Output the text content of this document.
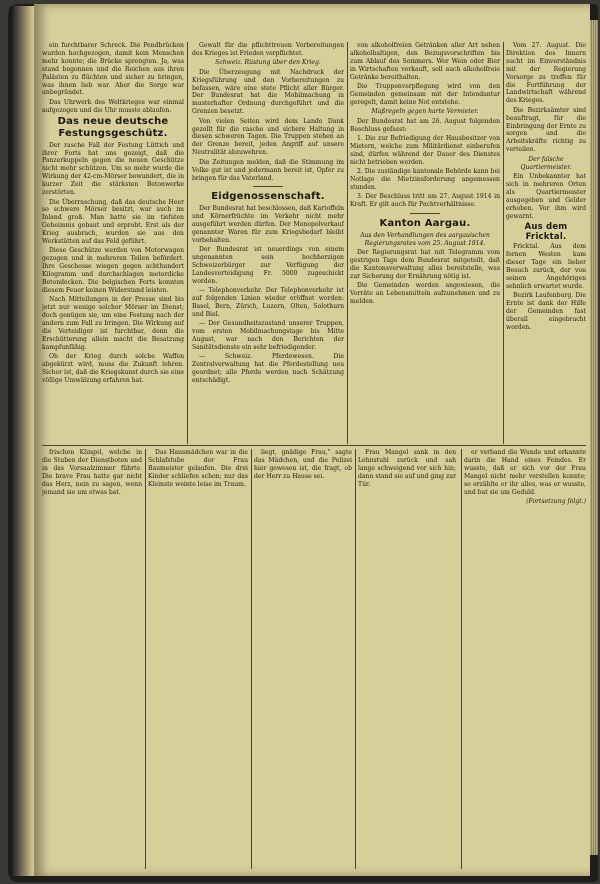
ein furchtbarer Schreck. Die Pendbrücken wurden hochgezogen, damit kein Menschen mehr konnte; die Brücke sprengten. Ja, was stand begonnen und die Reichen aus ihren Palästen zu flüchten und sicher zu bringen, was ihnen lieb war. Aber die Sorge war unbegründet.

Das Uhrwerk des Weltkrieges war einmal aufgezogen und die Uhr musste ablaufen.

Das neue deutsche Festungsgeschütz.

Der rasche Fall der Festung Lüttich und ihrer Forts hat uns gezeigt, daß die Panzerkuppeln gegen die neuen Geschütze nicht mehr schützen. Um so mehr wurde die Wirkung der 42-cm-Mörser bewundert, die in kurzer Zeit die stärksten Betonwerke zerstörten.

Die Überraschung, daß das deutsche Heer so schwere Mörser besitzt, war auch im Inland groß. Man hatte sie im tiefsten Geheimnis gebaut und erprobt. Erst als der Krieg ausbrach, wurden sie aus den Werkstätten auf das Feld geführt.

Diese Geschütze werden von Motorwagen gezogen und in mehreren Teilen befördert. Ihre Geschosse wiegen gegen achthundert Kilogramm und durchschlagen meterdicke Betondecken. Die belgischen Forts konnten diesem Feuer keinen Widerstand leisten.

Nach Mitteilungen in der Presse sind bis jetzt nur wenige solcher Mörser im Dienst; doch genügen sie, um eine Festung nach der andern zum Fall zu bringen. Die Wirkung auf die Verteidiger ist furchtbar, denn die Erschütterung allein macht die Besatzung kampfunfähig.

Ob der Krieg durch solche Waffen abgekürzt wird, muss die Zukunft lehren. Sicher ist, daß die Kriegskunst durch sie eine völlige Umwälzung erfahren hat.

Gewalt für die pflichttreuen Vorbereitungen des Krieges ist Frieden verpflichtet.

Schweiz. Rüstung über den Krieg.

Die Überzeugung mit Nachdruck der Kriegsführung und den Vorbereitungen zu befassen, wäre eine stete Pflicht aller Bürger. Der Bundesrat hat die Mobilmachung in musterhafter Ordnung durchgeführt und die Grenzen besetzt.

Von vielen Seiten wird dem Lande Dank gezollt für die rasche und sichere Haltung in diesen schweren Tagen. Die Truppen stehen an der Grenze bereit, jeden Angriff auf unsere Neutralität abzuwehren.

Die Zeitungen melden, daß die Stimmung im Volke gut ist und jedermann bereit ist, Opfer zu bringen für das Vaterland.

Eidgenossenschaft.

Der Bundesrat hat beschlossen, daß Kartoffeln und Körnerfrüchte im Verkehr nicht mehr ausgeführt werden dürfen. Der Monopolverkauf genannter Waren für zum Kriegsbedarf bleibt vorbehalten.

Der Bundesrat ist neuerdings von einem ungenannten sein hochherzigen Schweizerbürger zur Verfügung der Landesverteidigung Fr. 5000 zugeschickt worden.

— Telephonverkehr. Der Telephonverkehr ist auf folgenden Linien wieder eröffnet worden: Basel, Bern, Zürich, Luzern, Olten, Solothurn und Biel.

— Der Gesundheitszustand unserer Truppen, vom ersten Mobilmachungstage bis Mitte August, war nach den Berichten der Sanitätsdienste ein sehr befriedigender.

— Schweiz. Pferdewesen. Die Zentralverwaltung hat die Pferdestellung neu geordnet; alle Pferde werden nach Schätzung entschädigt.

von alkoholfreien Getränken aller Art neben alkoholhaltigen, den Bezugsvorschriften bis zum Ablauf des Sommers. Wer Wein oder Bier in Wirtschaften verkauft, soll auch alkoholfreie Getränke bereithalten.

Die Truppenverpflegung wird von den Gemeinden gemeinsam mit der Intendantur geregelt, damit keine Not entstehe.

Maßregeln gegen harte Vermieter.

Der Bundesrat hat am 26. August folgenden Beschluss gefasst:

1. Die zur Befriedigung der Hausbesitzer von Mietern, welche zum Militärdienst einberufen sind, dürfen während der Dauer des Dienstes nicht betrieben werden.

2. Die zuständige kantonale Behörde kann bei Notlage die Mietzinsforderung angemessen stunden.

3. Der Beschluss tritt am 27. August 1914 in Kraft. Er gilt auch für Pachtverhältnisse.

Kanton Aargau.

Aus den Verhandlungen des aargauischen Regierungsrates vom 25. August 1914.

Der Regierungsrat hat mit Telegramm vom gestrigen Tage dem Bundesrat mitgeteilt, daß die Kantonsverwaltung alles bereitstelle, was zur Sicherung der Ernährung nötig ist.

Die Gemeinden werden angewiesen, die Vorräte an Lebensmitteln aufzunehmen und zu melden.

Vom 27. August. Die Direktion des Innern sucht im Einverständnis mit der Regierung Vorsorge zu treffen für die Fortführung der Landwirtschaft während des Krieges.

Die Bezirksämter sind beauftragt, für die Einbringung der Ernte zu sorgen und die Arbeitskräfte richtig zu verteilen.

Der falsche Quartiermeister.

Ein Unbekannter hat sich in mehreren Orten als Quartiermeister ausgegeben und Gelder erhoben. Vor ihm wird gewarnt.

Aus dem Fricktal.

Fricktal. Aus dem fernen Westen kam dieser Tage ein lieber Besuch zurück, der von seinen Angehörigen sehnlich erwartet wurde.

Bezirk Laufenburg. Die Ernte ist dank der Hilfe der Gemeinden fast überall eingebracht worden.

frischen Klingel, welche in die Stuben der Dienstboten und in das Vorsaalzimmer führte. Die brave Frau hatte gar nicht das Herz, nein zu sagen, wenn jemand sie um etwas bat.

Das Hausmädchen war in die Schlafstube der Frau Baumeister gelaufen. Die drei Kinder schliefen schon; nur das Kleinste weinte leise im Traum.

liegt, gnädige Frau," sagte das Mädchen, und die Polizei hier gewesen ist, die fragt, ob der Herr zu Hause sei.

Frau Mangel sank in den Lehnstuhl zurück und sah lange schweigend vor sich hin; dann stand sie auf und ging zur Tür.

er verband die Wunde und erkannte darin die Hand eines Feindes. Er wusste, daß er sich vor der Frau Mangel nicht mehr verstellen konnte; so erzählte er ihr alles, was er wusste, und bat sie um Geduld.

(Fortsetzung folgt.)
